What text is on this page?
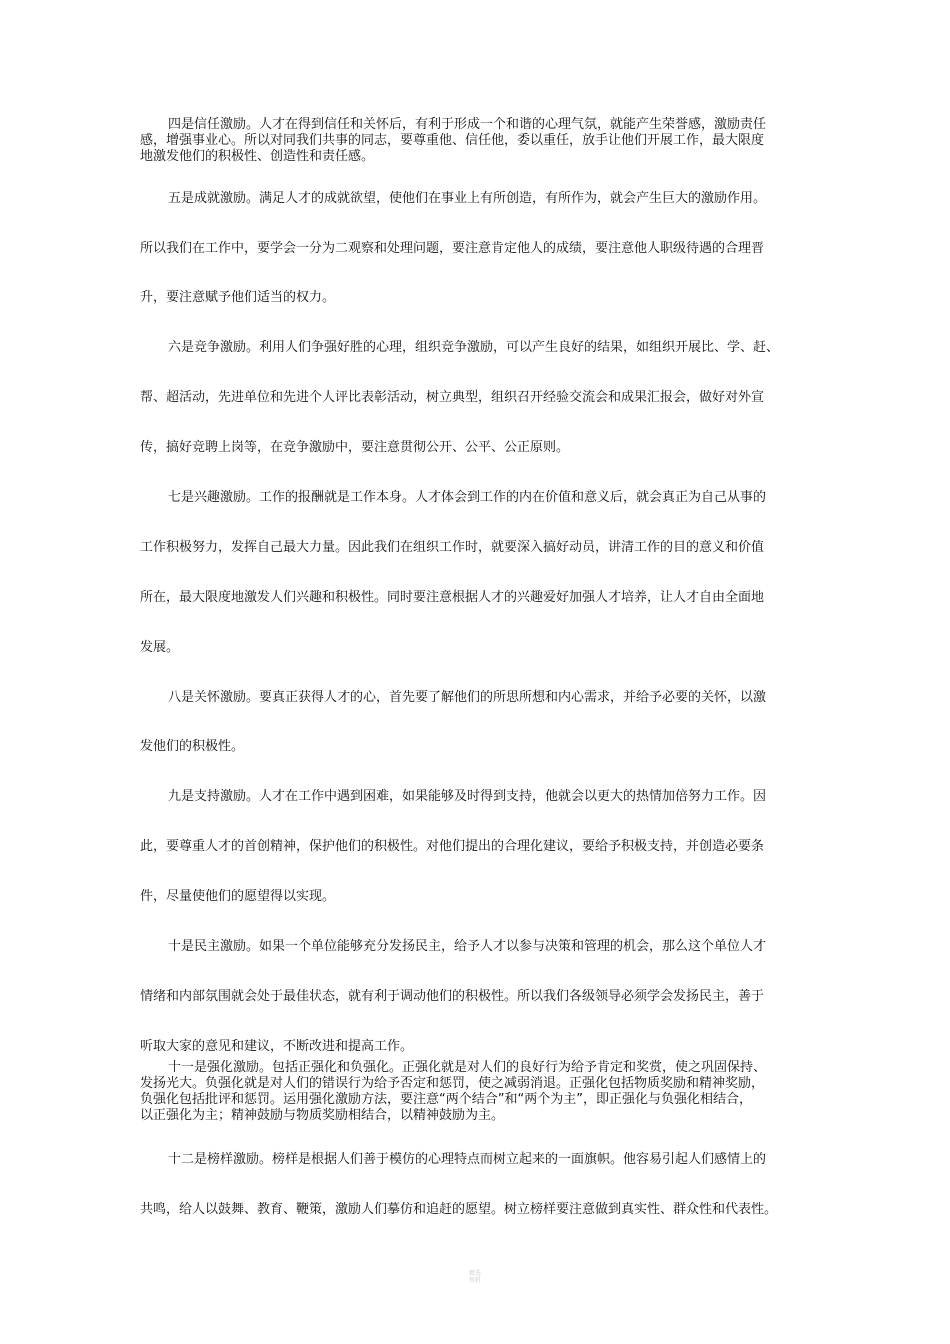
四是信任激励。人才在得到信任和关怀后，有利于形成一个和谐的心理气氛，就能产生荣誉感，激励责任
感，增强事业心。所以对同我们共事的同志，要尊重他、信任他，委以重任，放手让他们开展工作，最大限度
地激发他们的积极性、创造性和责任感。
五是成就激励。满足人才的成就欲望，使他们在事业上有所创造，有所作为，就会产生巨大的激励作用。
所以我们在工作中，要学会一分为二观察和处理问题，要注意肯定他人的成绩，要注意他人职级待遇的合理晋
升，要注意赋予他们适当的权力。
六是竞争激励。利用人们争强好胜的心理，组织竞争激励，可以产生良好的结果，如组织开展比、学、赶、
帮、超活动，先进单位和先进个人评比表彰活动，树立典型，组织召开经验交流会和成果汇报会，做好对外宣
传，搞好竞聘上岗等，在竞争激励中，要注意贯彻公开、公平、公正原则。
七是兴趣激励。工作的报酬就是工作本身。人才体会到工作的内在价值和意义后，就会真正为自己从事的
工作积极努力，发挥自己最大力量。因此我们在组织工作时，就要深入搞好动员，讲清工作的目的意义和价值
所在，最大限度地激发人们兴趣和积极性。同时要注意根据人才的兴趣爱好加强人才培养，让人才自由全面地
发展。
八是关怀激励。要真正获得人才的心，首先要了解他们的所思所想和内心需求，并给予必要的关怀，以激
发他们的积极性。
九是支持激励。人才在工作中遇到困难，如果能够及时得到支持，他就会以更大的热情加倍努力工作。因
此，要尊重人才的首创精神，保护他们的积极性。对他们提出的合理化建议，要给予积极支持，并创造必要条
件，尽量使他们的愿望得以实现。
十是民主激励。如果一个单位能够充分发扬民主，给予人才以参与决策和管理的机会，那么这个单位人才
情绪和内部氛围就会处于最佳状态，就有利于调动他们的积极性。所以我们各级领导必须学会发扬民主，善于
听取大家的意见和建议，不断改进和提高工作。
十一是强化激励。包括正强化和负强化。正强化就是对人们的良好行为给予肯定和奖赏，使之巩固保持、
发扬光大。负强化就是对人们的错误行为给予否定和惩罚，使之减弱消退。正强化包括物质奖励和精神奖励，
负强化包括批评和惩罚。运用强化激励方法，要注意“两个结合”和“两个为主”，即正强化与负强化相结合，
以正强化为主；精神鼓励与物质奖励相结合，以精神鼓励为主。
十二是榜样激励。榜样是根据人们善于模仿的心理特点而树立起来的一面旗帜。他容易引起人们感情上的
共鸣，给人以鼓舞、教育、鞭策，激励人们摹仿和追赶的愿望。树立榜样要注意做到真实性、群众性和代表性。
精选
资料
